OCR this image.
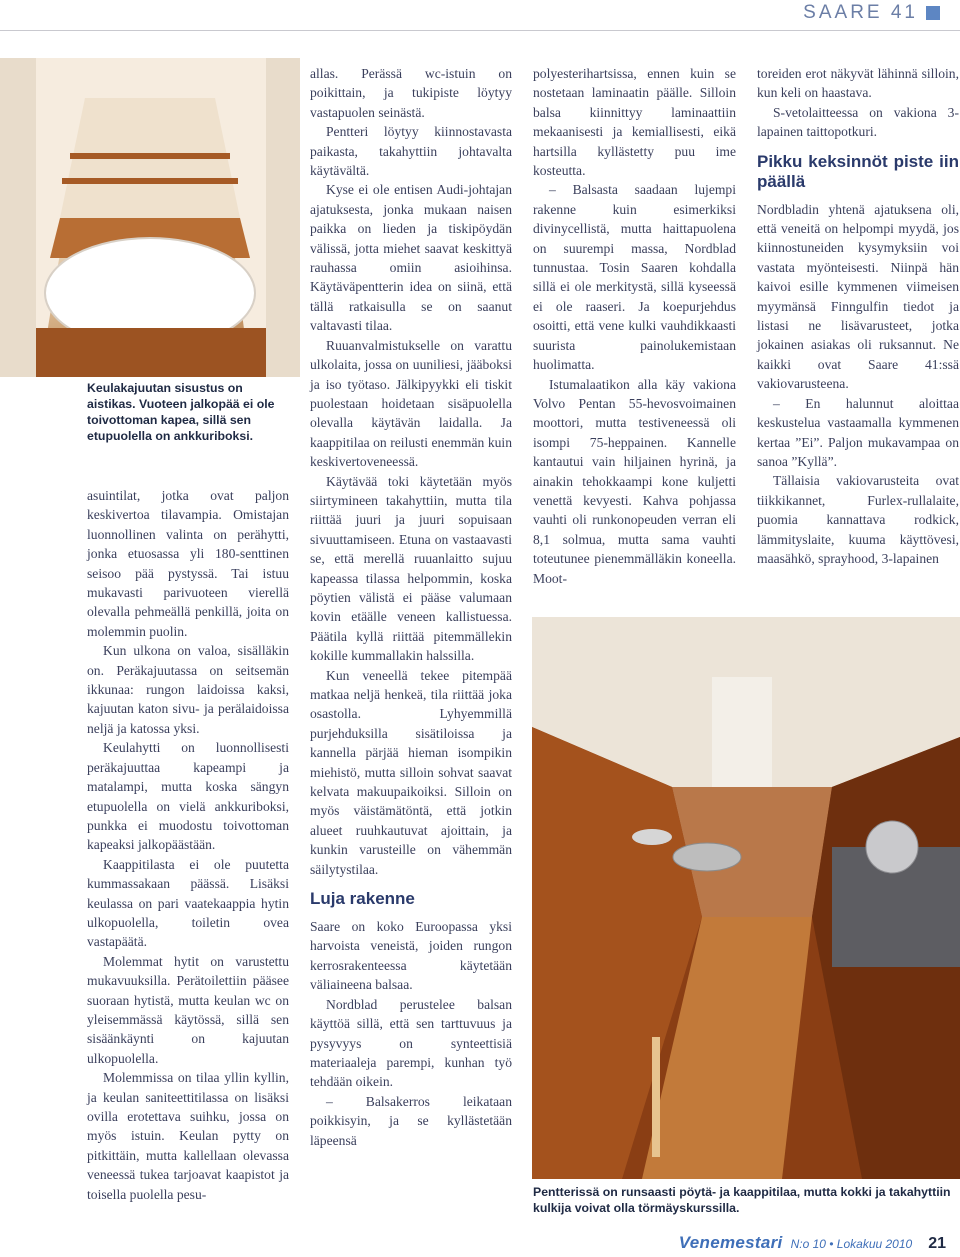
SAARE 41
Keulakajuutan sisustus on aistikas. Vuoteen jalkopää ei ole toivottoman kapea, sillä sen etupuolella on ankkuriboksi.

asuintilat, jotka ovat paljon keskivertoa tilavampia. Omistajan luonnollinen valinta on perähytti, jonka etuosassa yli 180-senttinen seisoo pää pystyssä. Tai istuu mukavasti parivuoteen vierellä olevalla pehmeällä penkillä, joita on molemmin puolin.

Kun ulkona on valoa, sisälläkin on. Peräkajuutassa on seitsemän ikkunaa: rungon laidoissa kaksi, kajuutan katon sivu- ja perälaidoissa neljä ja katossa yksi.

Keulahytti on luonnollisesti peräkajuuttaa kapeampi ja matalampi, mutta koska sängyn etupuolella on vielä ankkuriboksi, punkka ei muodostu toivottoman kapeaksi jalkopäästään.

Kaappitilasta ei ole puutetta kummassakaan päässä. Lisäksi keulassa on pari vaatekaappia hytin ulkopuolella, toiletin ovea vastapäätä.

Molemmat hytit on varustettu mukavuuksilla. Perätoilettiin pääsee suoraan hytistä, mutta keulan wc on yleisemmässä käytössä, sillä sen sisäänkäynti on kajuutan ulkopuolella.

Molemmissa on tilaa yllin kyllin, ja keulan saniteettitilassa on lisäksi ovilla erotettava suihku, jossa on myös istuin. Keulan pytty on pitkittäin, mutta kallellaan olevassa veneessä tukea tarjoavat kaapistot ja toisella puolella pesu-

allas. Perässä wc-istuin on poikittain, ja tukipiste löytyy vastapuolen seinästä.

Pentteri löytyy kiinnostavasta paikasta, takahyttiin johtavalta käytävältä.

Kyse ei ole entisen Audi-johtajan ajatuksesta, jonka mukaan naisen paikka on lieden ja tiskipöydän välissä, jotta miehet saavat keskittyä rauhassa omiin asioihinsa. Käytäväpentterin idea on siinä, että tällä ratkaisulla se on saanut valtavasti tilaa.

Ruuanvalmistukselle on varattu ulkolaita, jossa on uuniliesi, jääboksi ja iso työtaso. Jälkipyykki eli tiskit puolestaan hoidetaan sisäpuolella olevalla käytävän laidalla. Ja kaappitilaa on reilusti enemmän kuin keskivertoveneessä.

Käytävää toki käytetään myös siirtymineen takahyttiin, mutta tila riittää juuri ja juuri sopuisaan sivuuttamiseen. Etuna on vastaavasti se, että merellä ruuanlaitto sujuu kapeassa tilassa helpommin, koska pöytien välistä ei pääse valumaan kovin etäälle veneen kallistuessa. Päätila kyllä riittää pitemmällekin kokille kummallakin halssilla.

Kun veneellä tekee pitempää matkaa neljä henkeä, tila riittää joka osastolla. Lyhyemmillä purjehduksilla sisätiloissa ja kannella pärjää hieman isompikin miehistö, mutta silloin sohvat saavat kelvata makuupaikoiksi. Silloin on myös väistämätöntä, että jotkin alueet ruuhkautuvat ajoittain, ja kunkin varusteille on vähemmän säilytystilaa.

Luja rakenne

Saare on koko Euroopassa yksi harvoista veneistä, joiden rungon kerrosrakenteessa käytetään väliaineena balsaa.

Nordblad perustelee balsan käyttöä sillä, että sen tarttuvuus ja pysyvyys on synteettisiä materiaaleja parempi, kunhan työ tehdään oikein.

– Balsakerros leikataan poikkisyin, ja se kyllästetään läpeensä

polyesterihartsissa, ennen kuin se nostetaan laminaatin päälle. Silloin balsa kiinnittyy laminaattiin mekaanisesti ja kemiallisesti, eikä hartsilla kyllästetty puu ime kosteutta.

– Balsasta saadaan lujempi rakenne kuin esimerkiksi divinycellistä, mutta haittapuolena on suurempi massa, Nordblad tunnustaa. Tosin Saaren kohdalla sillä ei ole merkitystä, sillä kyseessä ei ole raaseri. Ja koepurjehdus osoitti, että vene kulki vauhdikkaasti suurista painolukemistaan huolimatta.

Istumalaatikon alla käy vakiona Volvo Pentan 55-hevosvoimainen moottori, mutta testiveneessä oli isompi 75-heppainen. Kannelle kantautui vain hiljainen hyrinä, ja ainakin tehokkaampi kone kuljetti venettä kevyesti. Kahva pohjassa vauhti oli runkonopeuden verran eli 8,1 solmua, mutta sama vauhti toteutunee pienemmälläkin koneella. Moot-

toreiden erot näkyvät lähinnä silloin, kun keli on haastava.

S-vetolaitteessa on vakiona 3-lapainen taittopotkuri.

Pikku keksinnöt piste iin päällä

Nordbladin yhtenä ajatuksena oli, että veneitä on helpompi myydä, jos kiinnostuneiden kysymyksiin voi vastata myönteisesti. Niinpä hän kaivoi esille kymmenen viimeisen myymänsä Finngulfin tiedot ja listasi ne lisävarusteet, jotka jokainen asiakas oli ruksannut. Ne kaikki ovat Saare 41:ssä vakiovarusteena.

– En halunnut aloittaa keskustelua vastaamalla kymmenen kertaa ”Ei”. Paljon mukavampaa on sanoa ”Kyllä”.

Tällaisia vakiovarusteita ovat tiikkikannet, Furlex-rullalaite, puomia kannattava rodkick, lämmityslaite, kuuma käyttövesi, maasähkö, sprayhood, 3-lapainen

Pentterissä on runsaasti pöytä- ja kaappitilaa, mutta kokki ja takahyttiin kulkija voivat olla törmäyskurssilla.
Venemestari N:o 10 • Lokakuu 2010 21
